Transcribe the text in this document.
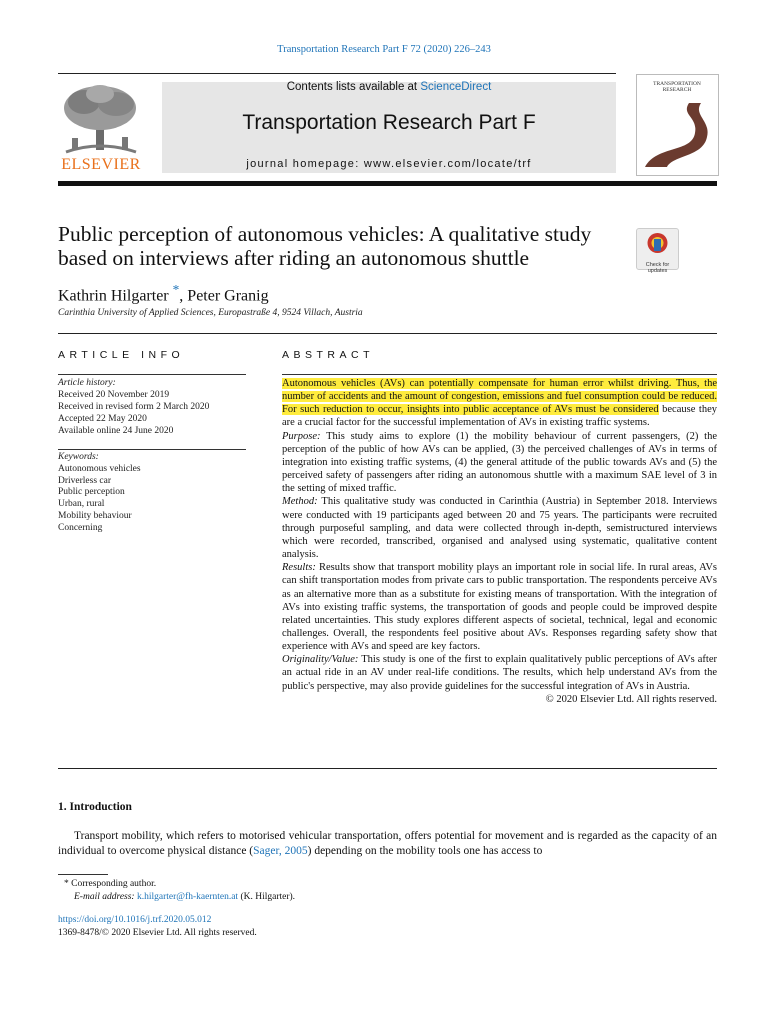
Transportation Research Part F 72 (2020) 226–243
ELSEVIER
Contents lists available at ScienceDirect
Transportation Research Part F
journal homepage: www.elsevier.com/locate/trf
TRANSPORTATION RESEARCH
Public perception of autonomous vehicles: A qualitative study based on interviews after riding an autonomous shuttle	Check for updates
Kathrin Hilgarter *, Peter Granig
Carinthia University of Applied Sciences, Europastraße 4, 9524 Villach, Austria
ARTICLE INFO
Article history:
Received 20 November 2019
Received in revised form 2 March 2020
Accepted 22 May 2020
Available online 24 June 2020
Keywords:
Autonomous vehicles
Driverless car
Public perception
Urban, rural
Mobility behaviour
Concerning
ABSTRACT

Autonomous vehicles (AVs) can potentially compensate for human error whilst driving. Thus, the number of accidents and the amount of congestion, emissions and fuel consumption could be reduced. For such reduction to occur, insights into public acceptance of AVs must be considered because they are a crucial factor for the successful implementation of AVs in existing traffic systems.

Purpose: This study aims to explore (1) the mobility behaviour of current passengers, (2) the perception of the public of how AVs can be applied, (3) the perceived challenges of AVs in terms of integration into existing traffic systems, (4) the general attitude of the public towards AVs and (5) the perceived safety of passengers after riding an autonomous shuttle with a maximum SAE level of 3 in the setting of mixed traffic.

Method: This qualitative study was conducted in Carinthia (Austria) in September 2018. Interviews were conducted with 19 participants aged between 20 and 75 years. The participants were recruited through purposeful sampling, and data were collected through in-depth, semistructured interviews which were recorded, transcribed, organised and analysed using systematic, qualitative content analysis.

Results: Results show that transport mobility plays an important role in social life. In rural areas, AVs can shift transportation modes from private cars to public transportation. The respondents perceive AVs as an alternative more than as a substitute for existing means of transportation. With the integration of AVs into existing traffic systems, the transportation of goods and people could be improved despite related uncertainties. This study explores different aspects of societal, technical, legal and economic challenges. Overall, the respondents feel positive about AVs. Responses regarding safety show that experience with AVs and speed are key factors.

Originality/Value: This study is one of the first to explain qualitatively public perceptions of AVs after an actual ride in an AV under real-life conditions. The results, which help understand AVs from the public's perspective, may also provide guidelines for the successful integration of AVs in Austria.

© 2020 Elsevier Ltd. All rights reserved.

1. Introduction

Transport mobility, which refers to motorised vehicular transportation, offers potential for movement and is regarded as the capacity of an individual to overcome physical distance (Sager, 2005) depending on the mobility tools one has access to

* Corresponding author.
E-mail address: k.hilgarter@fh-kaernten.at (K. Hilgarter).
https://doi.org/10.1016/j.trf.2020.05.012
1369-8478/© 2020 Elsevier Ltd. All rights reserved.
